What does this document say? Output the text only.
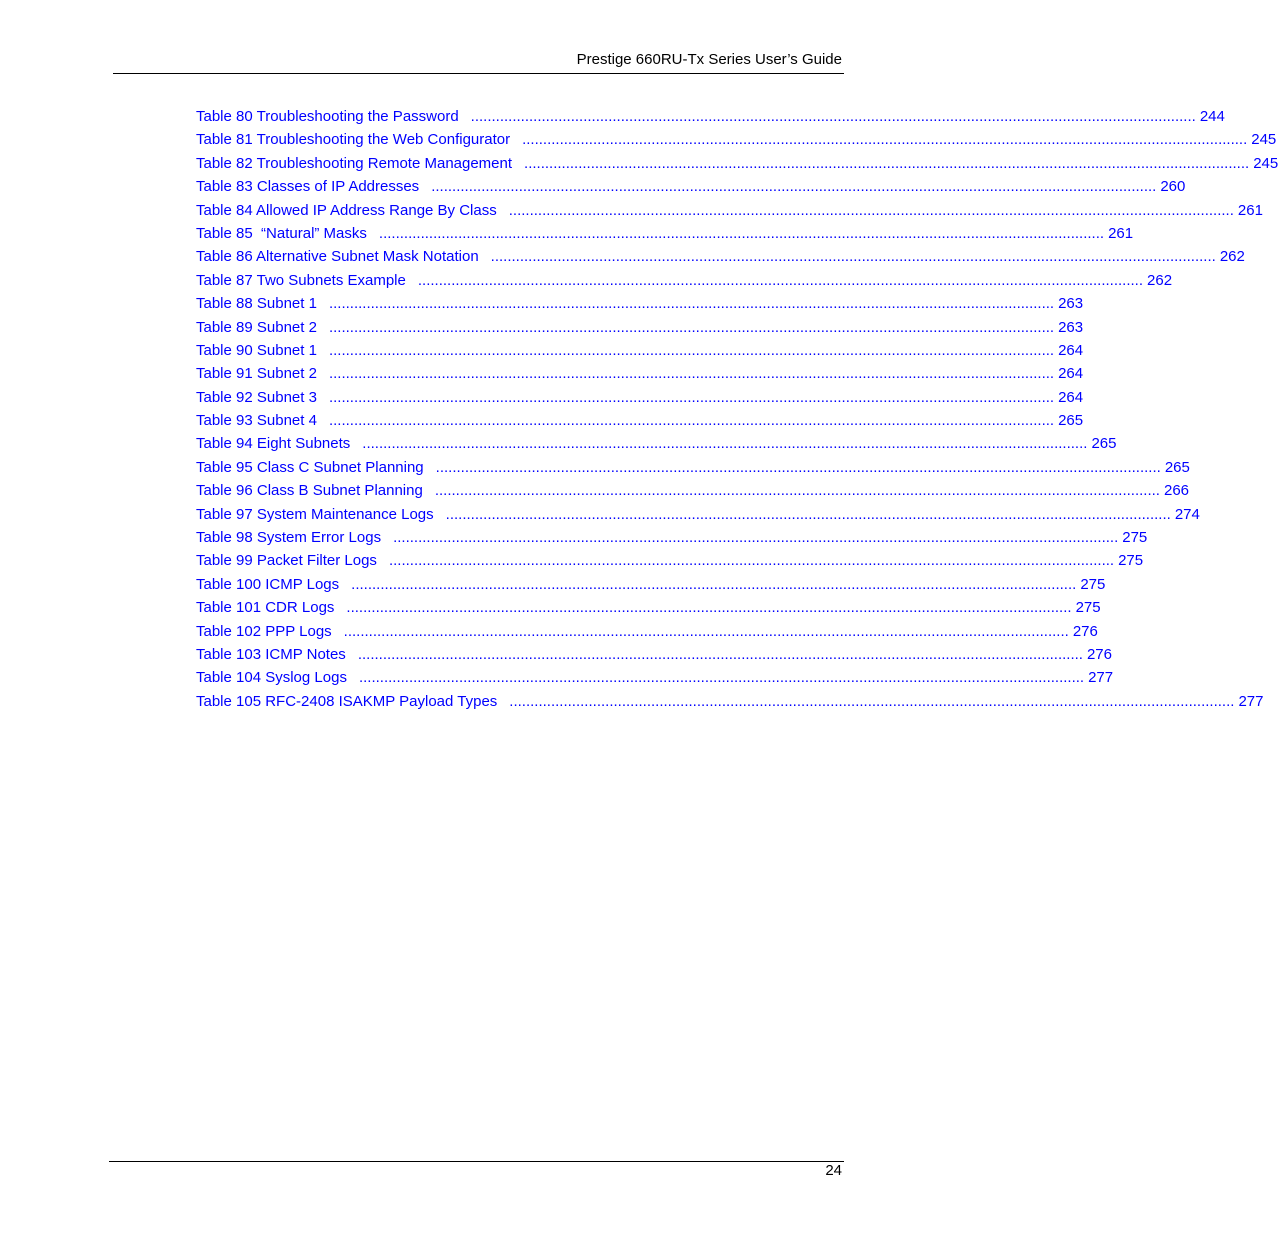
Prestige 660RU-Tx Series User’s Guide
Table 80 Troubleshooting the Password .............................................................................................................................................................................. 244
Table 81 Troubleshooting the Web Configurator .............................................................................................................................................................................. 245
Table 82 Troubleshooting Remote Management .............................................................................................................................................................................. 245
Table 83 Classes of IP Addresses .............................................................................................................................................................................. 260
Table 84 Allowed IP Address Range By Class .............................................................................................................................................................................. 261
Table 85  “Natural” Masks .............................................................................................................................................................................. 261
Table 86 Alternative Subnet Mask Notation .............................................................................................................................................................................. 262
Table 87 Two Subnets Example .............................................................................................................................................................................. 262
Table 88 Subnet 1 .............................................................................................................................................................................. 263
Table 89 Subnet 2 .............................................................................................................................................................................. 263
Table 90 Subnet 1 .............................................................................................................................................................................. 264
Table 91 Subnet 2 .............................................................................................................................................................................. 264
Table 92 Subnet 3 .............................................................................................................................................................................. 264
Table 93 Subnet 4 .............................................................................................................................................................................. 265
Table 94 Eight Subnets .............................................................................................................................................................................. 265
Table 95 Class C Subnet Planning .............................................................................................................................................................................. 265
Table 96 Class B Subnet Planning .............................................................................................................................................................................. 266
Table 97 System Maintenance Logs .............................................................................................................................................................................. 274
Table 98 System Error Logs .............................................................................................................................................................................. 275
Table 99 Packet Filter Logs .............................................................................................................................................................................. 275
Table 100 ICMP Logs .............................................................................................................................................................................. 275
Table 101 CDR Logs .............................................................................................................................................................................. 275
Table 102 PPP Logs .............................................................................................................................................................................. 276
Table 103 ICMP Notes .............................................................................................................................................................................. 276
Table 104 Syslog Logs .............................................................................................................................................................................. 277
Table 105 RFC-2408 ISAKMP Payload Types .............................................................................................................................................................................. 277
24
